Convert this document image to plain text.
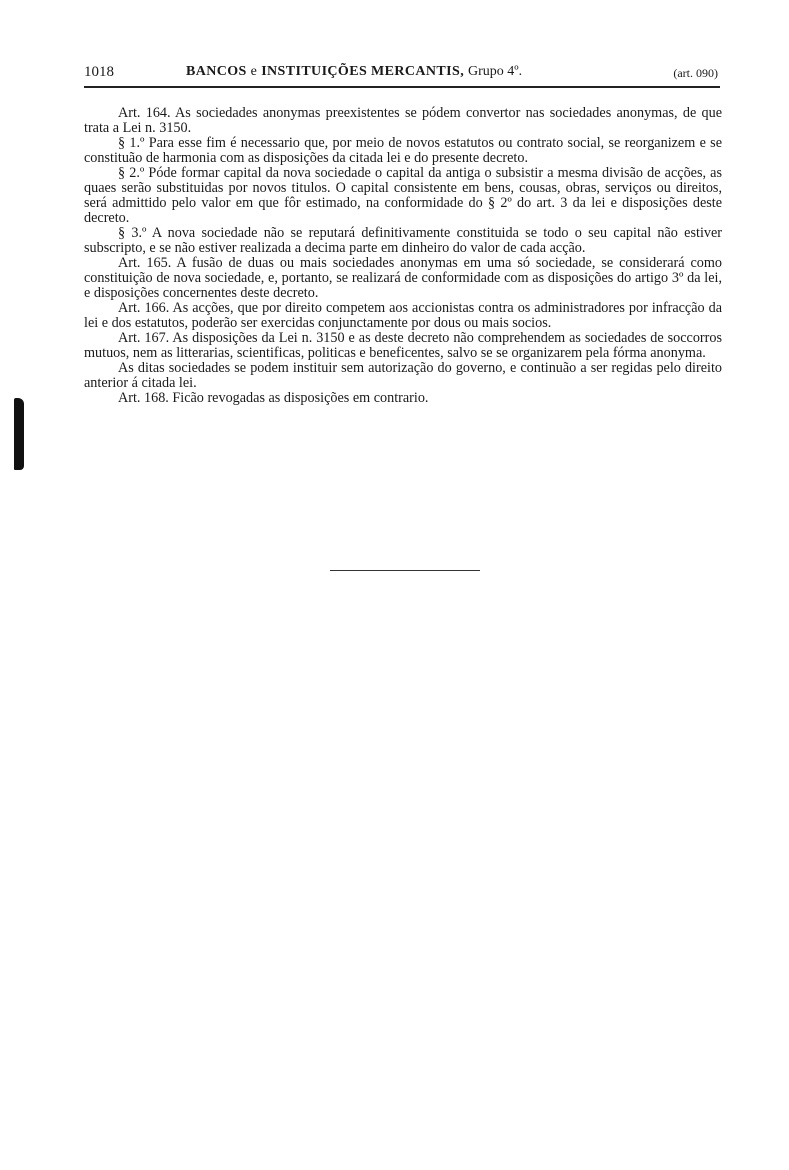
1018	BANCOS e INSTITUIÇÕES MERCANTIS, Grupo 4º.	(art. 090)

Art. 164. As sociedades anonymas preexistentes se pódem convertor nas sociedades anonymas, de que trata a Lei n. 3150.

§ 1.º Para esse fim é necessario que, por meio de novos estatutos ou contrato social, se reorganizem e se constituão de harmonia com as disposições da citada lei e do presente decreto.

§ 2.º Póde formar capital da nova sociedade o capital da antiga o subsistir a mesma divisão de acções, as quaes serão substituidas por novos titulos. O capital consistente em bens, cousas, obras, serviços ou direitos, será admittido pelo valor em que fôr estimado, na conformidade do § 2º do art. 3 da lei e disposições deste decreto.

§ 3.º A nova sociedade não se reputará definitivamente constituida se todo o seu capital não estiver subscripto, e se não estiver realizada a decima parte em dinheiro do valor de cada acção.

Art. 165. A fusão de duas ou mais sociedades anonymas em uma só sociedade, se considerará como constituição de nova sociedade, e, portanto, se realizará de conformidade com as disposições do artigo 3º da lei, e disposições concernentes deste decreto.

Art. 166. As acções, que por direito competem aos accionistas contra os administradores por infracção da lei e dos estatutos, poderão ser exercidas conjunctamente por dous ou mais socios.

Art. 167. As disposições da Lei n. 3150 e as deste decreto não comprehendem as sociedades de soccorros mutuos, nem as litterarias, scientificas, politicas e beneficentes, salvo se se organizarem pela fórma anonyma.

As ditas sociedades se podem instituir sem autorização do governo, e continuão a ser regidas pelo direito anterior á citada lei.

Art. 168. Ficão revogadas as disposições em contrario.
